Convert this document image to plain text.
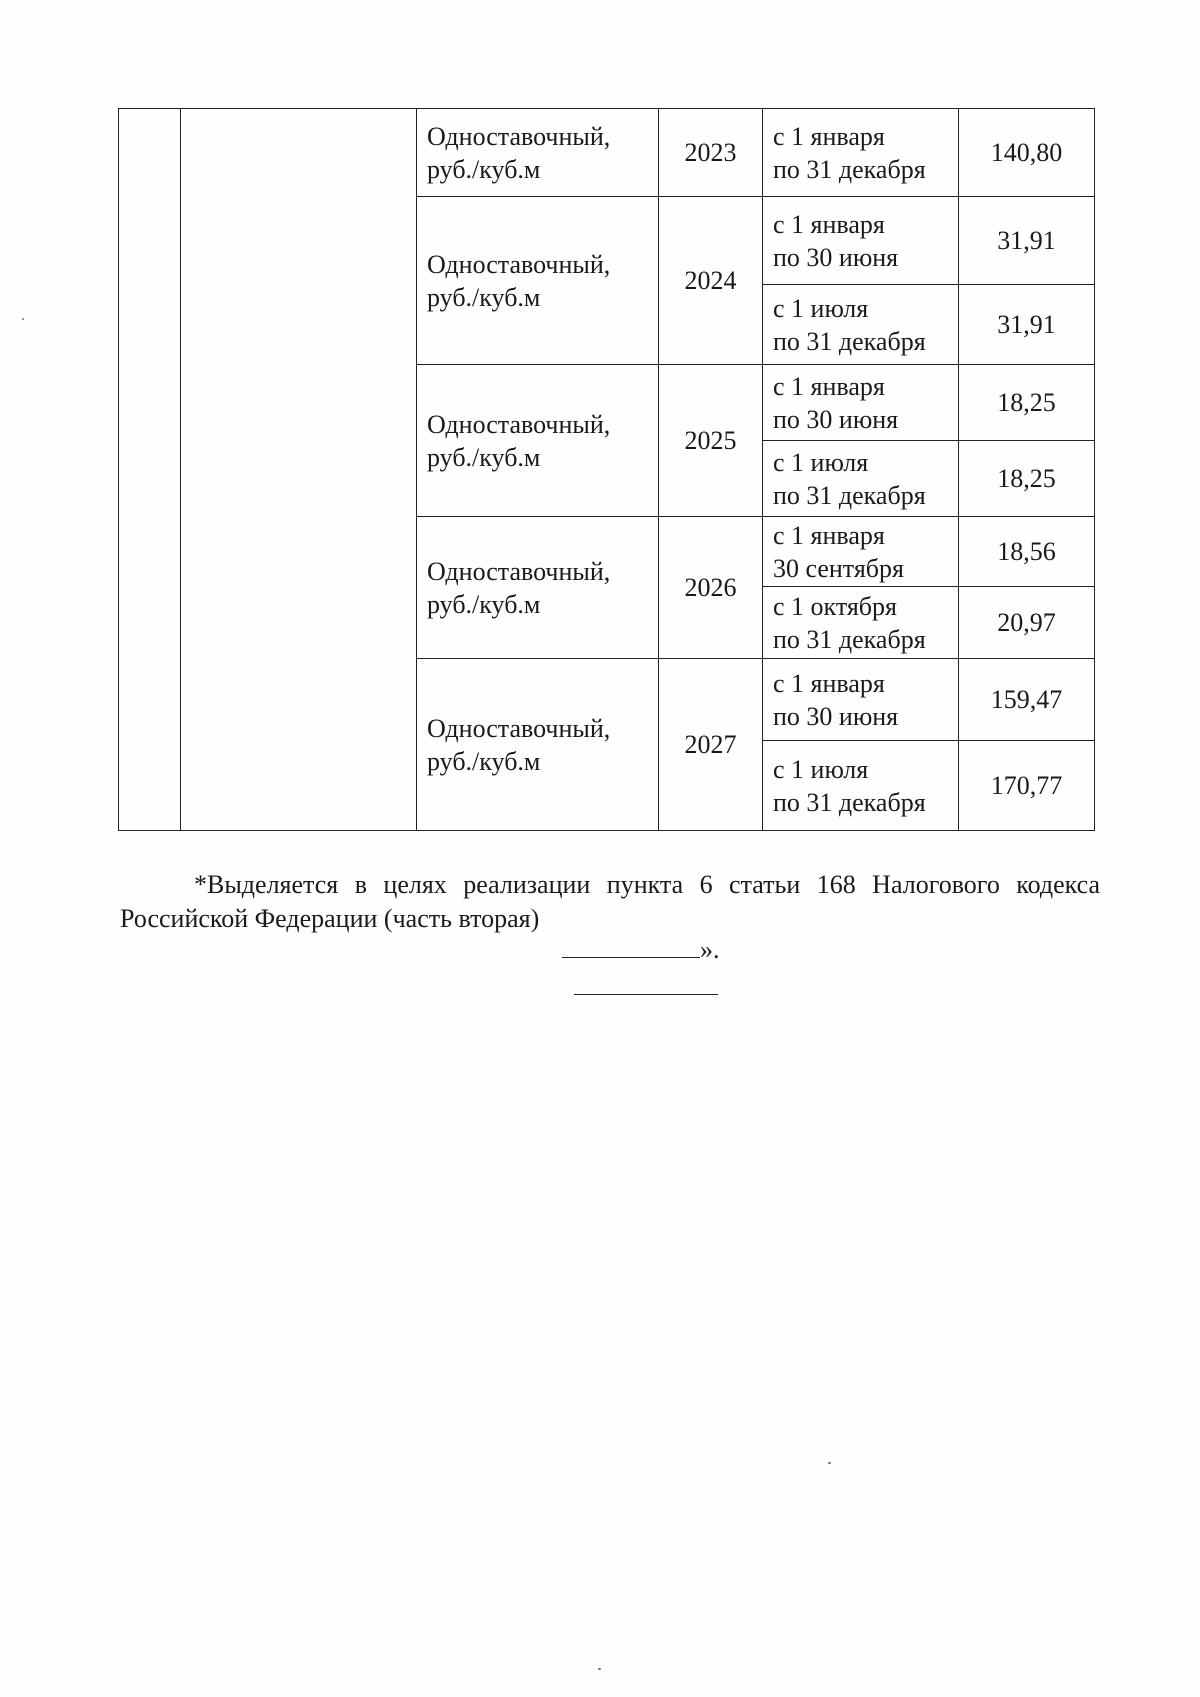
		Одноставочный,
руб./куб.м	2023	с 1 января
по 31 декабря	140,80

		Одноставочный,
руб./куб.м	2024	с 1 января
по 30 июня	31,91

				с 1 июля
по 31 декабря	31,91

		Одноставочный,
руб./куб.м	2025	с 1 января
по 30 июня	18,25

				с 1 июля
по 31 декабря	18,25

		Одноставочный,
руб./куб.м	2026	с 1 января
30 сентября	18,56

				с 1 октября
по 31 декабря	20,97

		Одноставочный,
руб./куб.м	2027	с 1 января
по 30 июня	159,47

				с 1 июля
по 31 декабря	170,77

*Выделяется в целях реализации пункта 6 статьи 168 Налогового кодекса Российской Федерации (часть вторая)

».
